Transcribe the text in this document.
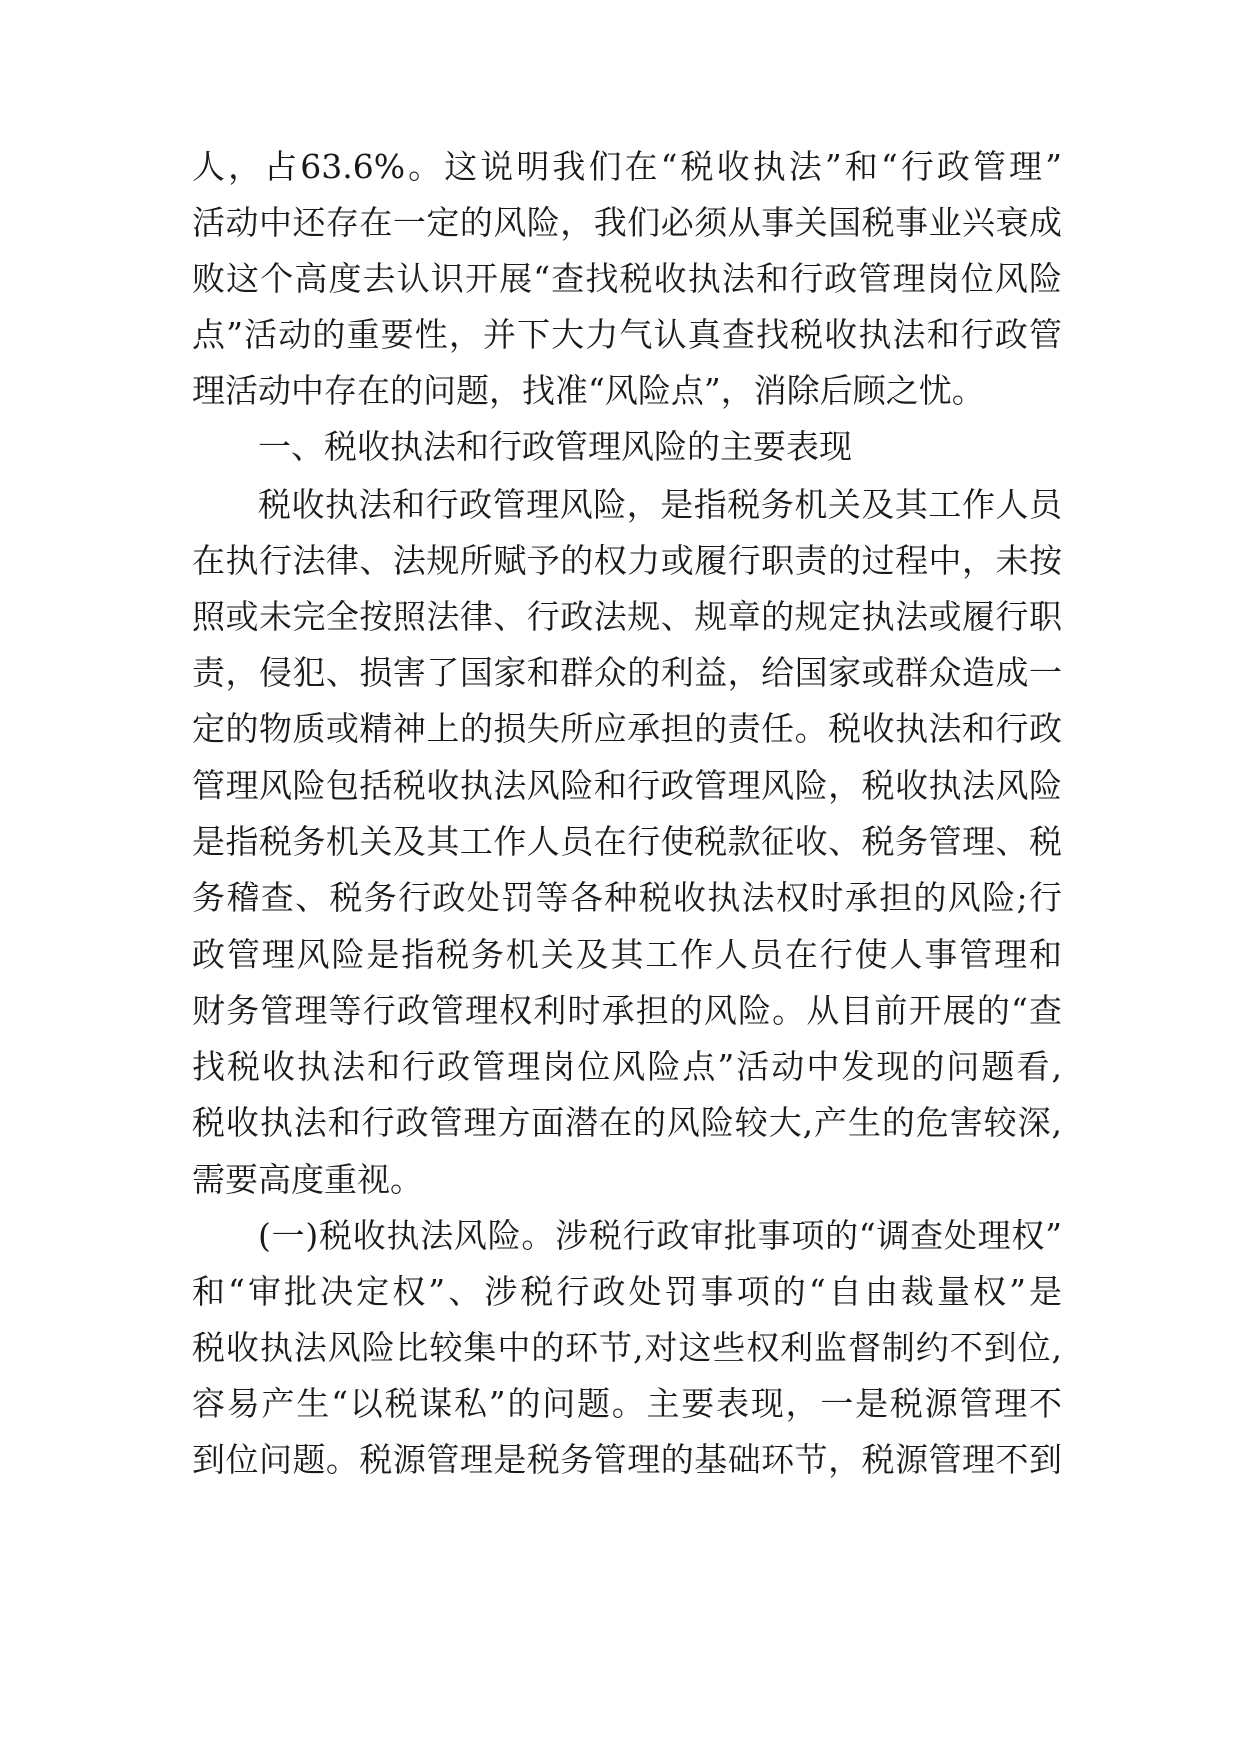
人，占63.6%。这说明我们在“税收执法”和“行政管理”
活动中还存在一定的风险，我们必须从事关国税事业兴衰成
败这个高度去认识开展“查找税收执法和行政管理岗位风险
点”活动的重要性，并下大力气认真查找税收执法和行政管
理活动中存在的问题，找准“风险点”，消除后顾之忧。
一、税收执法和行政管理风险的主要表现
税收执法和行政管理风险，是指税务机关及其工作人员
在执行法律、法规所赋予的权力或履行职责的过程中，未按
照或未完全按照法律、行政法规、规章的规定执法或履行职
责，侵犯、损害了国家和群众的利益，给国家或群众造成一
定的物质或精神上的损失所应承担的责任。税收执法和行政
管理风险包括税收执法风险和行政管理风险，税收执法风险
是指税务机关及其工作人员在行使税款征收、税务管理、税
务稽查、税务行政处罚等各种税收执法权时承担的风险;行
政管理风险是指税务机关及其工作人员在行使人事管理和
财务管理等行政管理权利时承担的风险。从目前开展的“查
找税收执法和行政管理岗位风险点”活动中发现的问题看,
税收执法和行政管理方面潜在的风险较大,产生的危害较深,
需要高度重视。
(一)税收执法风险。涉税行政审批事项的“调查处理权”
和“审批决定权”、涉税行政处罚事项的“自由裁量权”是
税收执法风险比较集中的环节,对这些权利监督制约不到位,
容易产生“以税谋私”的问题。主要表现，一是税源管理不
到位问题。税源管理是税务管理的基础环节，税源管理不到
